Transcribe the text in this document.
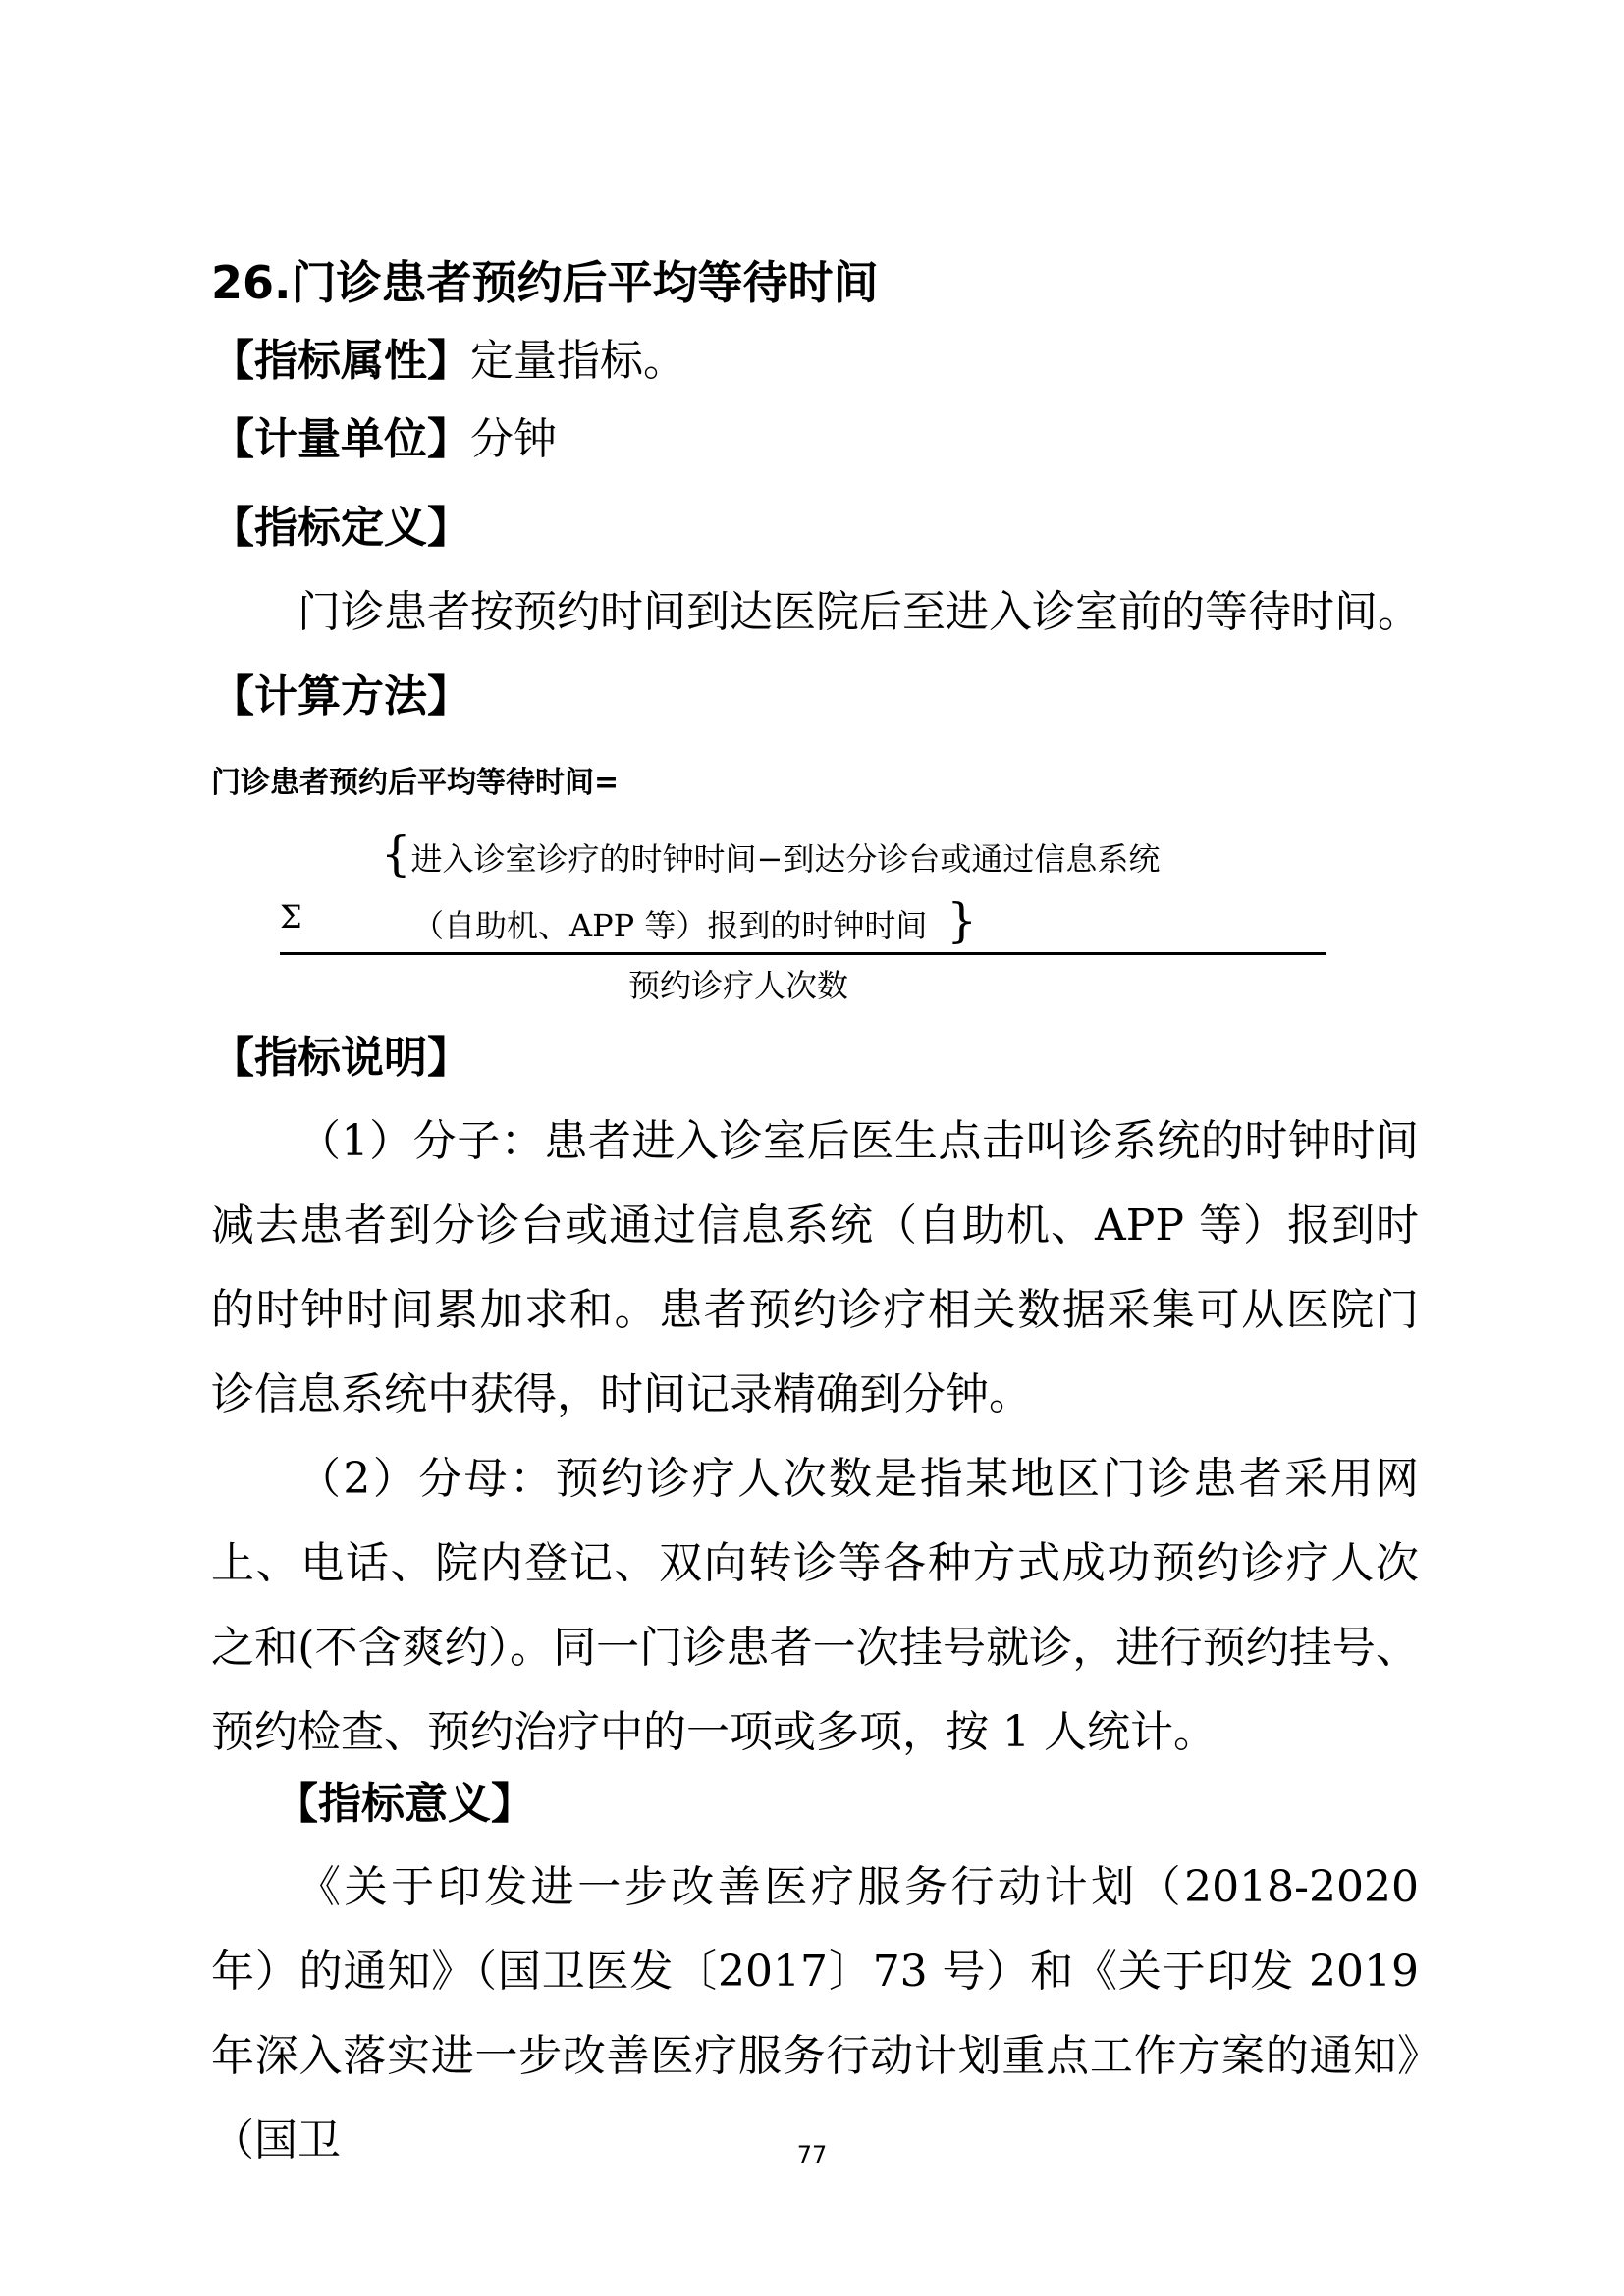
26.门诊患者预约后平均等待时间
【指标属性】定量指标。
【计量单位】分钟
【指标定义】
门诊患者按预约时间到达医院后至进入诊室前的等待时间。
【计算方法】
门诊患者预约后平均等待时间=
{进入诊室诊疗的时钟时间−到达分诊台或通过信息系统
Σ	（自助机、APP 等）报到的时钟时间 }
预约诊疗人次数
【指标说明】
（1）分子：患者进入诊室后医生点击叫诊系统的时钟时间减去患者到分诊台或通过信息系统（自助机、APP 等）报到时的时钟时间累加求和。患者预约诊疗相关数据采集可从医院门诊信息系统中获得，时间记录精确到分钟。
（2）分母：预约诊疗人次数是指某地区门诊患者采用网上、电话、院内登记、双向转诊等各种方式成功预约诊疗人次之和(不含爽约）。同一门诊患者一次挂号就诊，进行预约挂号、预约检查、预约治疗中的一项或多项，按 1 人统计。
【指标意义】
《关于印发进一步改善医疗服务行动计划（2018-2020 年）的通知》（国卫医发〔2017〕73 号）和《关于印发 2019 年深入落实进一步改善医疗服务行动计划重点工作方案的通知》（国卫	77
